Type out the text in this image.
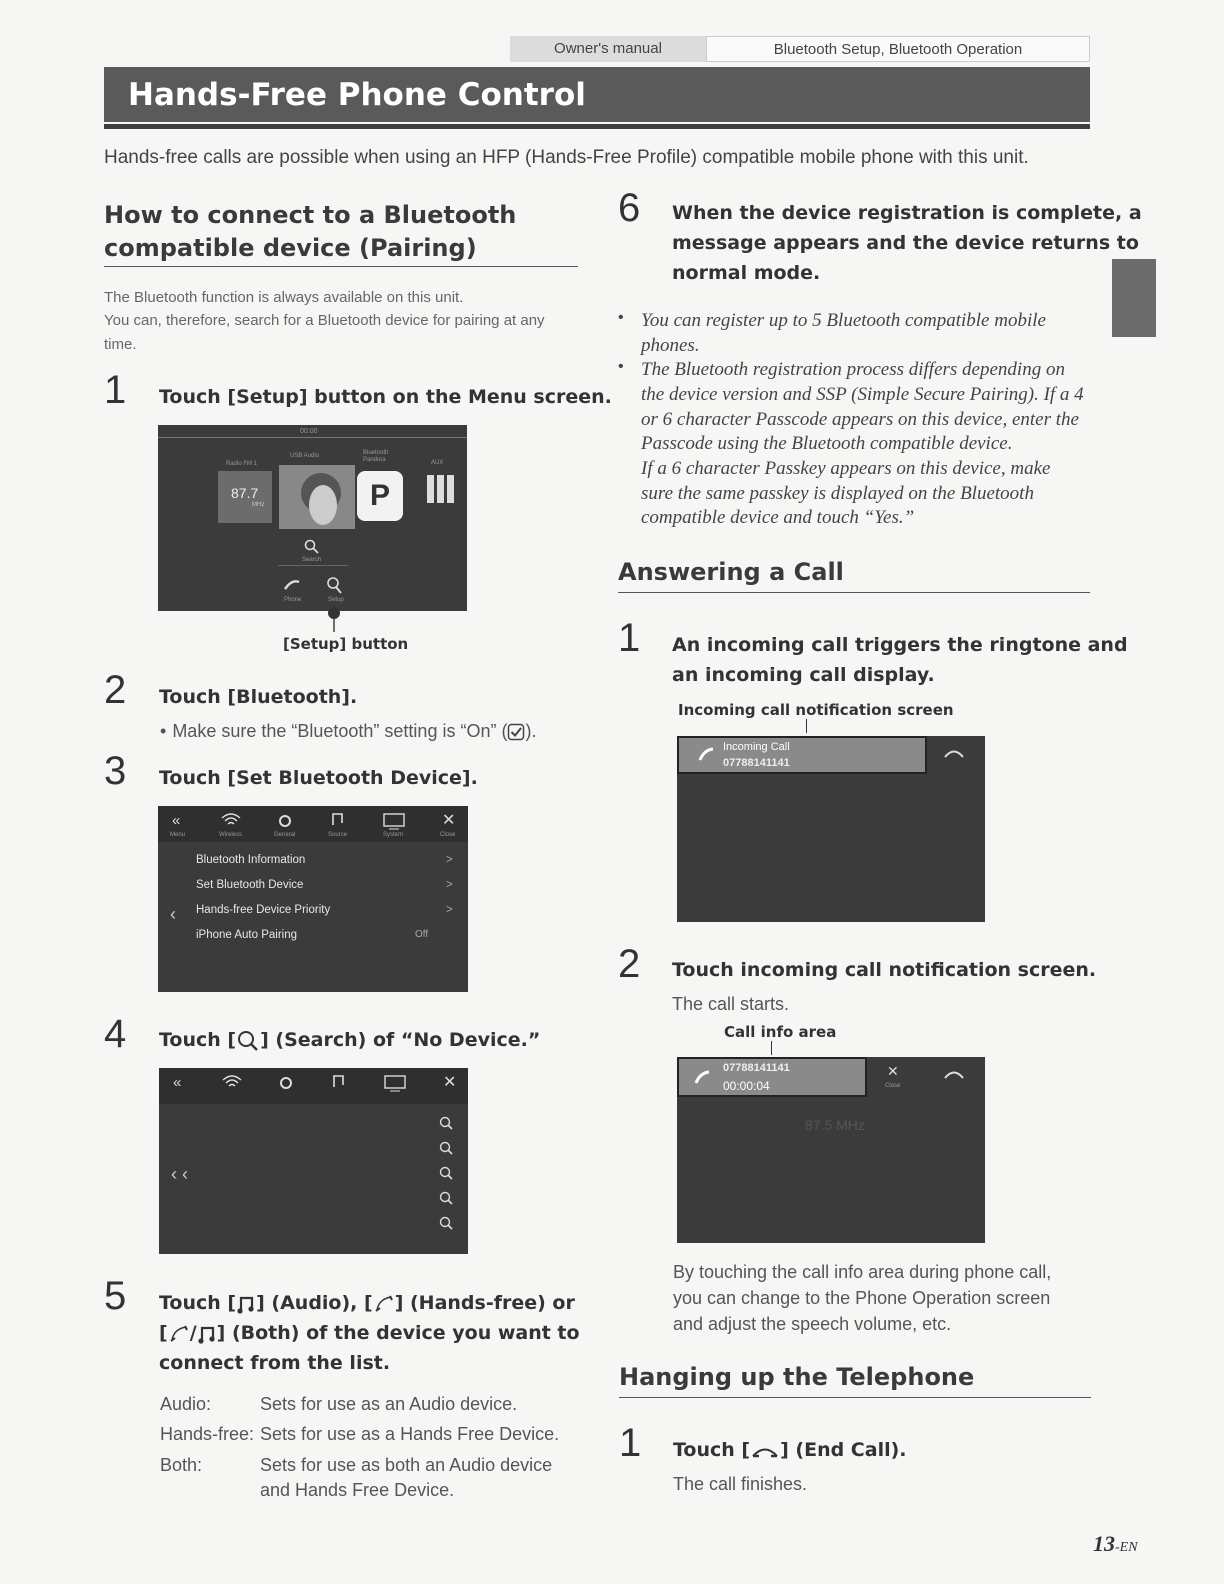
Owner's manual	Bluetooth Setup, Bluetooth Operation
Hands-Free Phone Control
Hands-free calls are possible when using an HFP (Hands-Free Profile) compatible mobile phone with this unit.
How to connect to a Bluetooth
compatible device (Pairing)
The Bluetooth function is always available on this unit.
You can, therefore, search for a Bluetooth device for pairing at any
time.
1 Touch [Setup] button on the Menu screen.
00:00
Radio FM 1
87.7
MHz
USB Audio	Bluetooth
Pandora
P
AUX
Search
Phone	Setup
[Setup] button
2 Touch [Bluetooth].
• Make sure the “Bluetooth” setting is “On” ( ).
3 Touch [Set Bluetooth Device].
«	✕
Menu	Wireless	General	Source	System	Close
‹
Bluetooth Information	>
Set Bluetooth Device	>
Hands-free Device Priority	>
iPhone Auto Pairing	Off
4 Touch [ ] (Search) of “No Device.”
«	✕
‹ ‹
5 Touch [ ] (Audio), [ ] (Hands-free) or
[ / ] (Both) of the device you want to
connect from the list.
Audio:	Sets for use as an Audio device.
Hands-free: Sets for use as a Hands Free Device.
Both:	Sets for use as both an Audio device
and Hands Free Device.
6 When the device registration is complete, a
message appears and the device returns to
normal mode.
•
•
You can register up to 5 Bluetooth compatible mobile
phones.
The Bluetooth registration process differs depending on
the device version and SSP (Simple Secure Pairing). If a 4
or 6 character Passcode appears on this device, enter the
Passcode using the Bluetooth compatible device.
If a 6 character Passkey appears on this device, make
sure the same passkey is displayed on the Bluetooth
compatible device and touch “Yes.”
Answering a Call
1 An incoming call triggers the ringtone and
an incoming call display.
Incoming call notification screen
Incoming Call
07788141141
2 Touch incoming call notification screen.
The call starts.
Call info area
07788141141
00:00:04
✕
Close
87.5 MHz
By touching the call info area during phone call,
you can change to the Phone Operation screen
and adjust the speech volume, etc.
Hanging up the Telephone
1 Touch [ ] (End Call).
The call finishes.
13-EN
